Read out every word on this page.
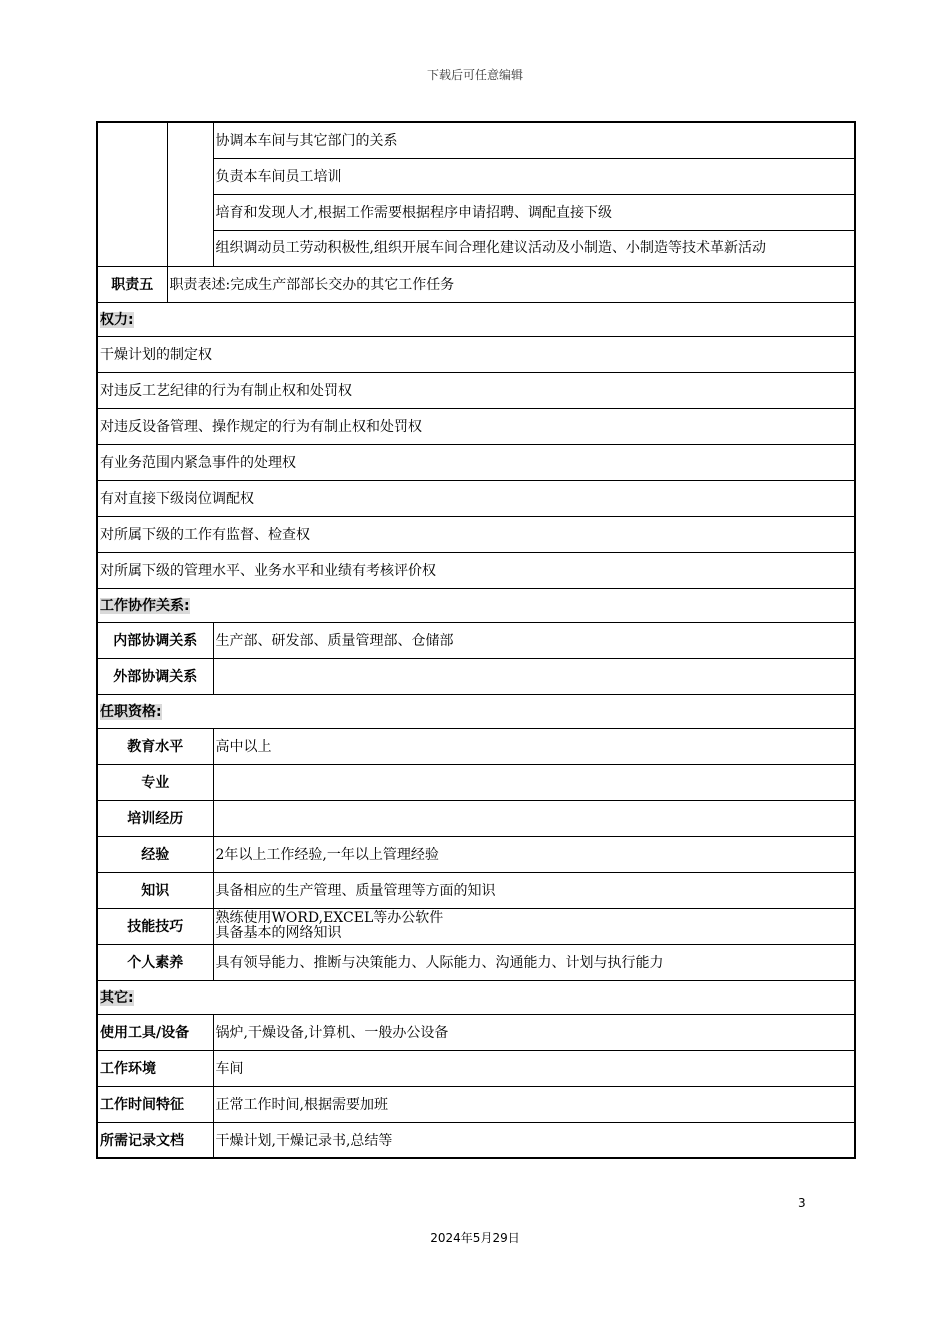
下载后可任意编辑
		协调本车间与其它部门的关系
		负责本车间员工培训
		培育和发现人才,根据工作需要根据程序申请招聘、调配直接下级
		组织调动员工劳动积极性,组织开展车间合理化建议活动及小制造、小制造等技术革新活动
职责五	职责表述:完成生产部部长交办的其它工作任务	
权力:		
干燥计划的制定权		
对违反工艺纪律的行为有制止权和处罚权		
对违反设备管理、操作规定的行为有制止权和处罚权		
有业务范围内紧急事件的处理权		
有对直接下级岗位调配权		
对所属下级的工作有监督、检查权		
对所属下级的管理水平、业务水平和业绩有考核评价权		
工作协作关系:		
内部协调关系		生产部、研发部、质量管理部、仓储部
外部协调关系		
任职资格:		
教育水平		高中以上
专业		
培训经历		
经验		2年以上工作经验,一年以上管理经验
知识		具备相应的生产管理、质量管理等方面的知识
技能技巧		熟练使用WORD,EXCEL等办公软件
具备基本的网络知识

个人素养		具有领导能力、推断与决策能力、人际能力、沟通能力、计划与执行能力
其它:		
使用工具/设备		锅炉,干燥设备,计算机、一般办公设备
工作环境		车间
工作时间特征		正常工作时间,根据需要加班
所需记录文档		干燥计划,干燥记录书,总结等
3
2024年5月29日
